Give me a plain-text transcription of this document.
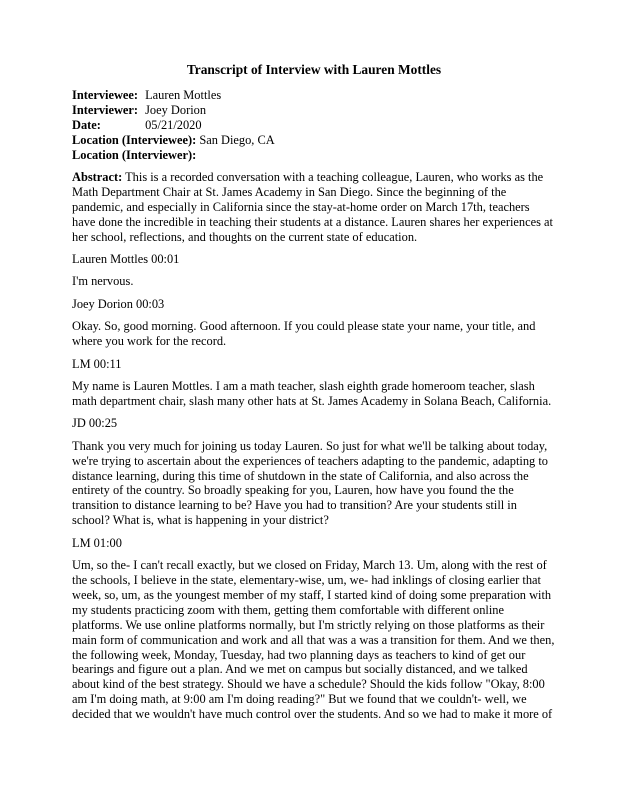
Transcript of Interview with Lauren Mottles
Interviewee: Lauren Mottles
Interviewer: Joey Dorion
Date:	05/21/2020
Location (Interviewee): San Diego, CA
Location (Interviewer):

Abstract: This is a recorded conversation with a teaching colleague, Lauren, who works as the Math Department Chair at St. James Academy in San Diego. Since the beginning of the pandemic, and especially in California since the stay-at-home order on March 17th, teachers have done the incredible in teaching their students at a distance. Lauren shares her experiences at her school, reflections, and thoughts on the current state of education.

Lauren Mottles 00:01

I'm nervous.

Joey Dorion 00:03

Okay. So, good morning. Good afternoon. If you could please state your name, your title, and where you work for the record.

LM 00:11

My name is Lauren Mottles. I am a math teacher, slash eighth grade homeroom teacher, slash math department chair, slash many other hats at St. James Academy in Solana Beach, California.

JD 00:25

Thank you very much for joining us today Lauren. So just for what we'll be talking about today, we're trying to ascertain about the experiences of teachers adapting to the pandemic, adapting to distance learning, during this time of shutdown in the state of California, and also across the entirety of the country. So broadly speaking for you, Lauren, how have you found the the transition to distance learning to be? Have you had to transition? Are your students still in school? What is, what is happening in your district?

LM 01:00

Um, so the- I can't recall exactly, but we closed on Friday, March 13. Um, along with the rest of the schools, I believe in the state, elementary-wise, um, we- had inklings of closing earlier that week, so, um, as the youngest member of my staff, I started kind of doing some preparation with my students practicing zoom with them, getting them comfortable with different online platforms. We use online platforms normally, but I'm strictly relying on those platforms as their main form of communication and work and all that was a was a transition for them. And we then, the following week, Monday, Tuesday, had two planning days as teachers to kind of get our bearings and figure out a plan. And we met on campus but socially distanced, and we talked about kind of the best strategy. Should we have a schedule? Should the kids follow "Okay, 8:00 am I'm doing math, at 9:00 am I'm doing reading?" But we found that we couldn't- well, we decided that we wouldn't have much control over the students. And so we had to make it more of
